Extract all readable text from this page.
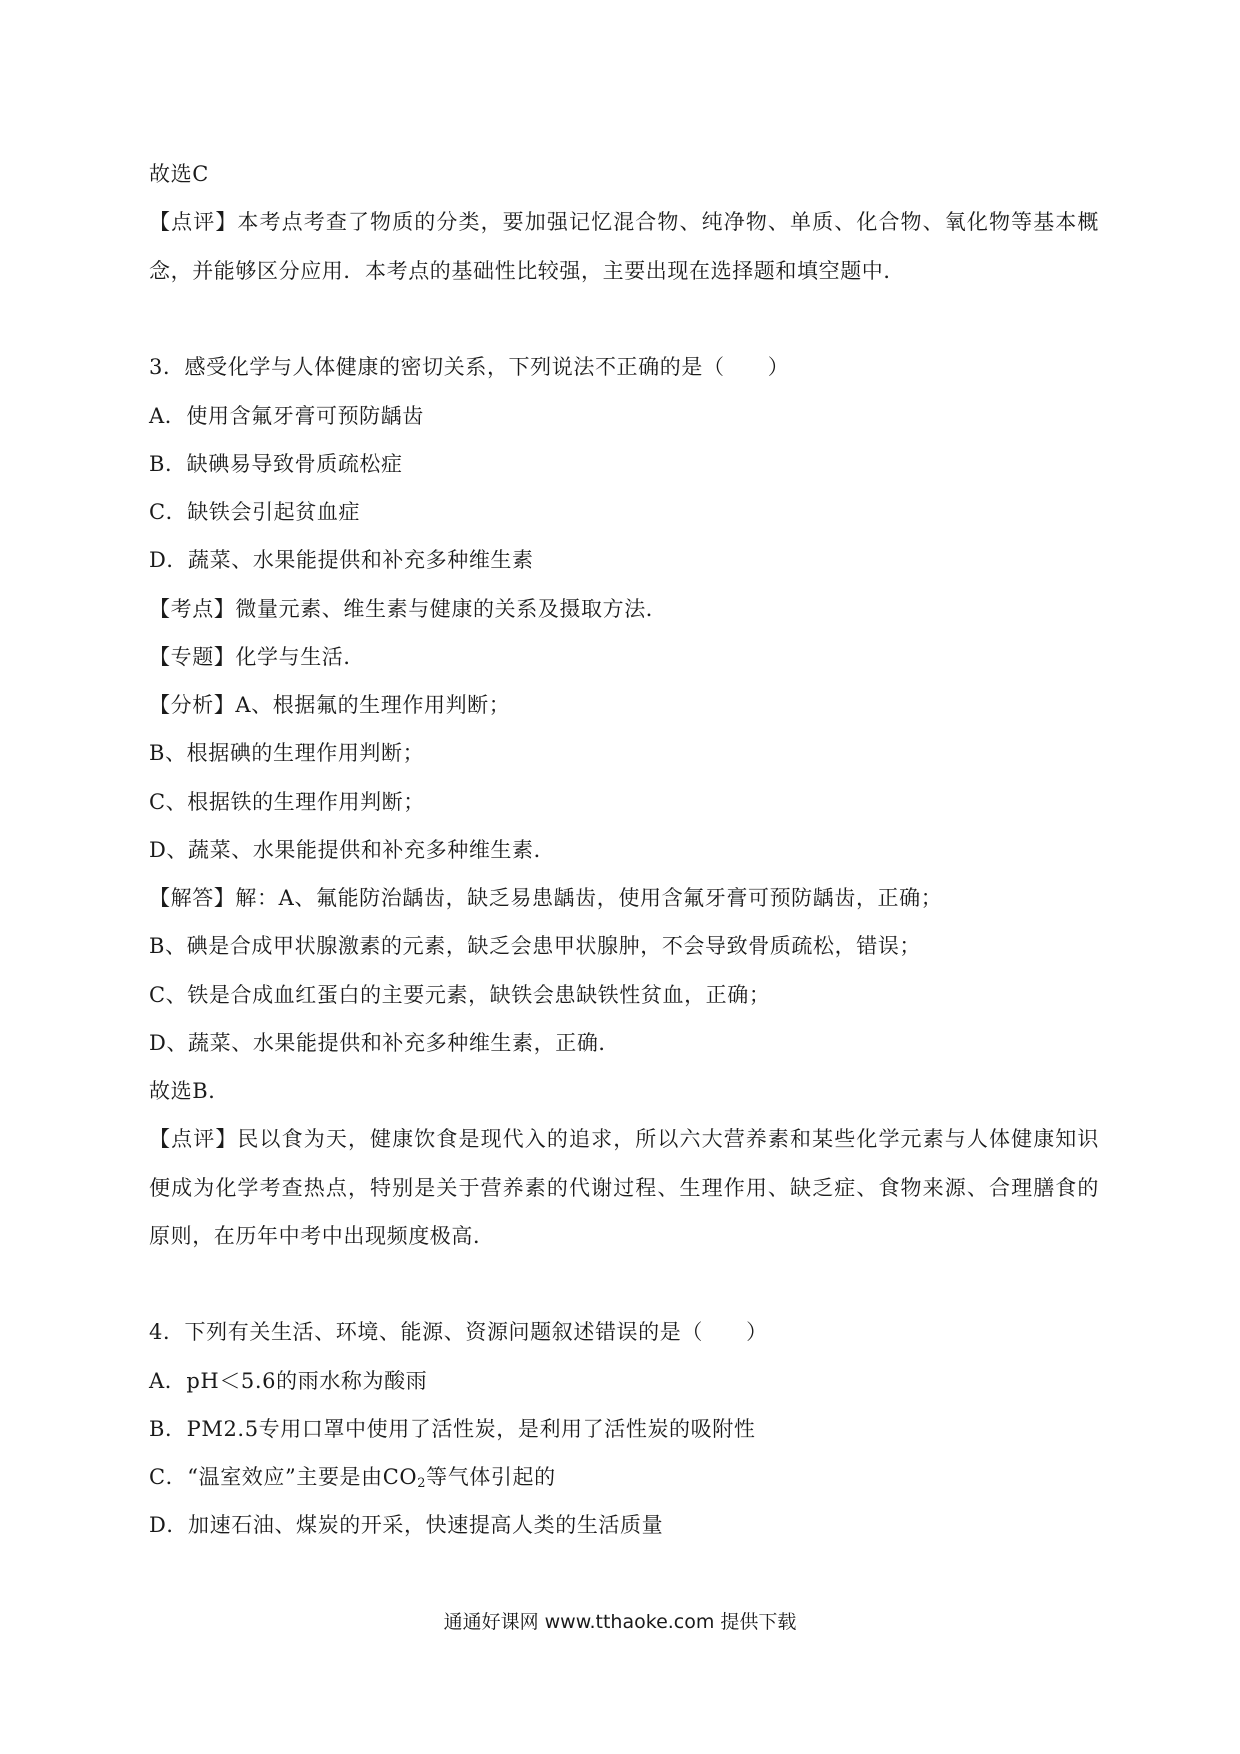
故选C
【点评】本考点考查了物质的分类，要加强记忆混合物、纯净物、单质、化合物、氧化物等基本概
念，并能够区分应用．本考点的基础性比较强，主要出现在选择题和填空题中．
3．感受化学与人体健康的密切关系，下列说法不正确的是（　　）
A．使用含氟牙膏可预防龋齿
B．缺碘易导致骨质疏松症
C．缺铁会引起贫血症
D．蔬菜、水果能提供和补充多种维生素
【考点】微量元素、维生素与健康的关系及摄取方法．
【专题】化学与生活．
【分析】A、根据氟的生理作用判断；
B、根据碘的生理作用判断；
C、根据铁的生理作用判断；
D、蔬菜、水果能提供和补充多种维生素．
【解答】解：A、氟能防治龋齿，缺乏易患龋齿，使用含氟牙膏可预防龋齿，正确；
B、碘是合成甲状腺激素的元素，缺乏会患甲状腺肿，不会导致骨质疏松，错误；
C、铁是合成血红蛋白的主要元素，缺铁会患缺铁性贫血，正确；
D、蔬菜、水果能提供和补充多种维生素，正确．
故选B．
【点评】民以食为天，健康饮食是现代入的追求，所以六大营养素和某些化学元素与人体健康知识
便成为化学考查热点，特别是关于营养素的代谢过程、生理作用、缺乏症、食物来源、合理膳食的
原则，在历年中考中出现频度极高．
4．下列有关生活、环境、能源、资源问题叙述错误的是（　　）
A．pH＜5.6的雨水称为酸雨
B．PM2.5专用口罩中使用了活性炭，是利用了活性炭的吸附性
C．“温室效应”主要是由$CO_2$等气体引起的
D．加速石油、煤炭的开采，快速提高人类的生活质量
通通好课网 www.tthaoke.com 提供下载
